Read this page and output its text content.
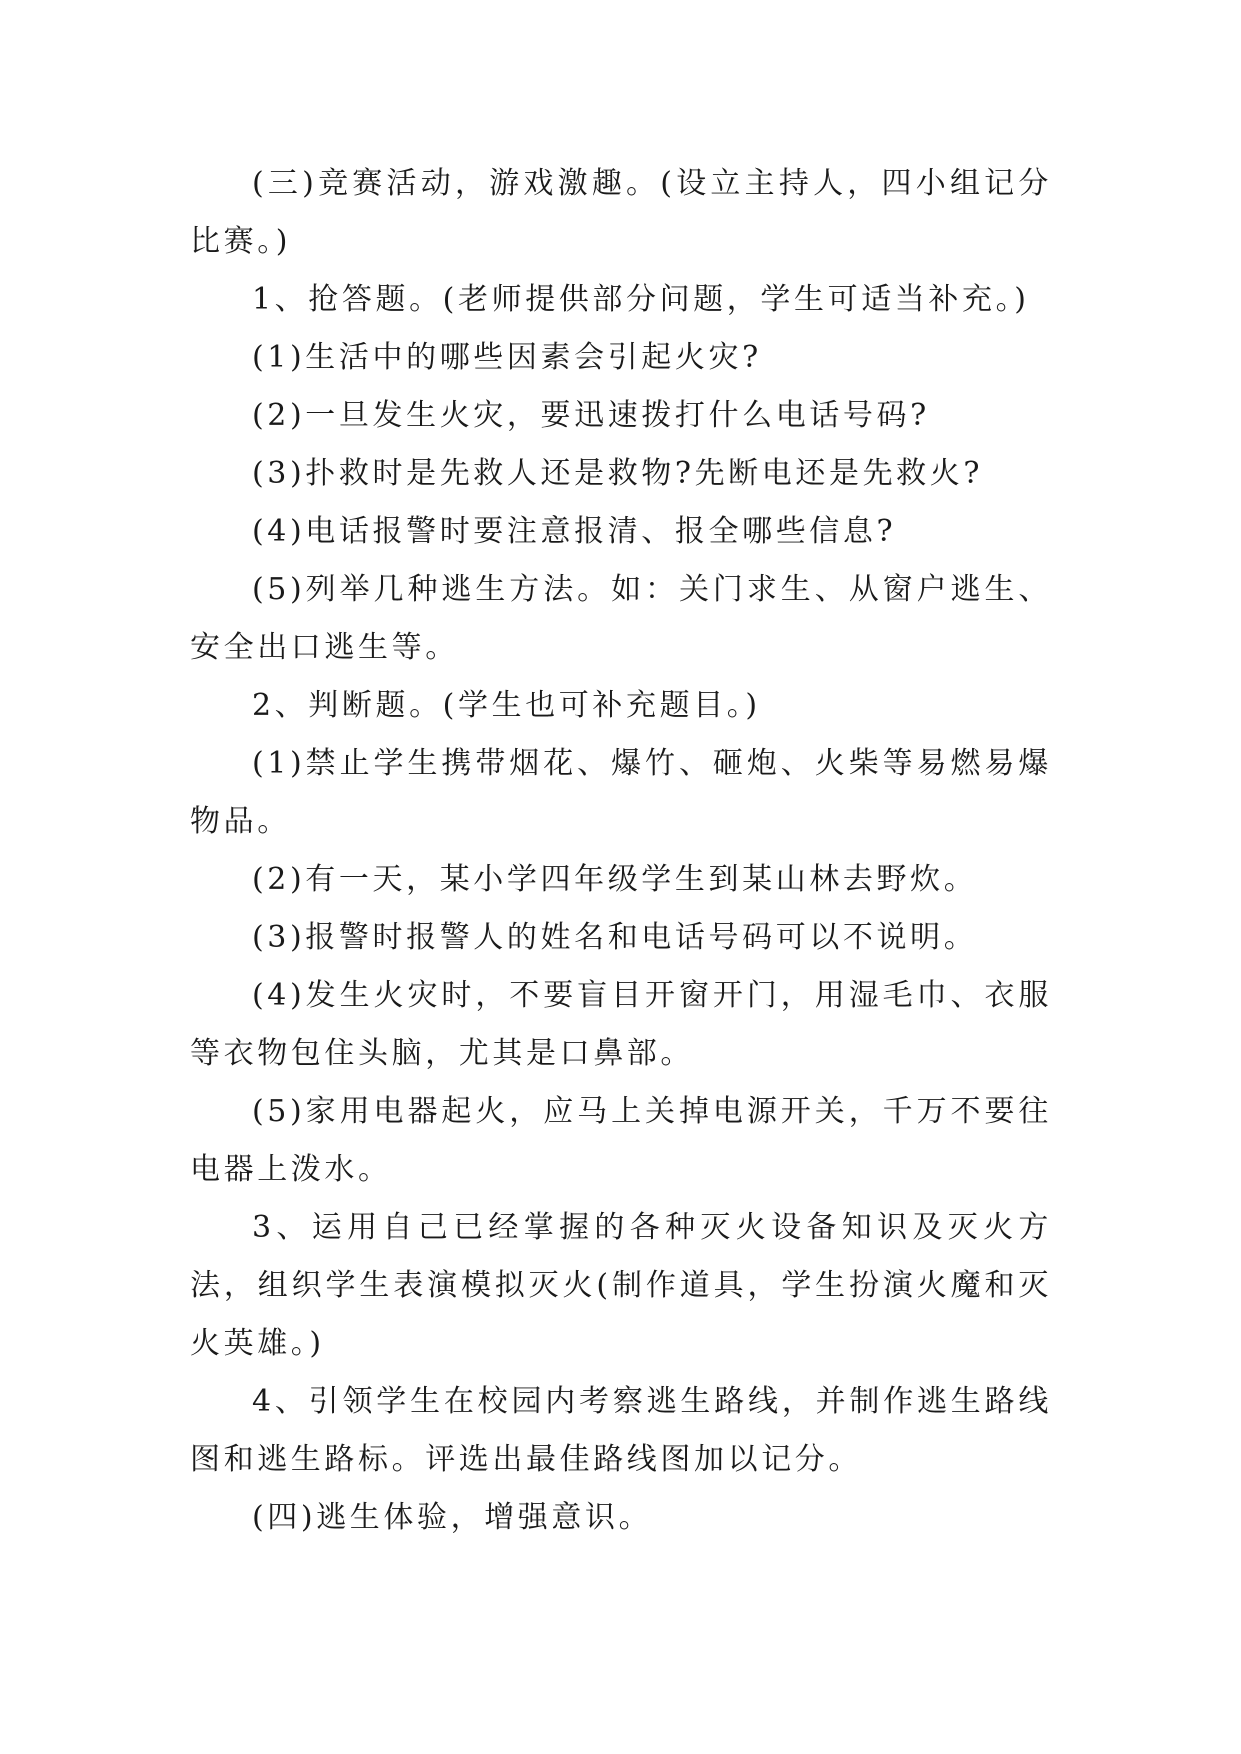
(三)竞赛活动，游戏激趣。(设立主持人，四小组记分比赛。)

1、抢答题。(老师提供部分问题，学生可适当补充。)

(1)生活中的哪些因素会引起火灾?

(2)一旦发生火灾，要迅速拨打什么电话号码?

(3)扑救时是先救人还是救物?先断电还是先救火?

(4)电话报警时要注意报清、报全哪些信息?

(5)列举几种逃生方法。如：关门求生、从窗户逃生、安全出口逃生等。

2、判断题。(学生也可补充题目。)

(1)禁止学生携带烟花、爆竹、砸炮、火柴等易燃易爆物品。

(2)有一天，某小学四年级学生到某山林去野炊。

(3)报警时报警人的姓名和电话号码可以不说明。

(4)发生火灾时，不要盲目开窗开门，用湿毛巾、衣服等衣物包住头脑，尤其是口鼻部。

(5)家用电器起火，应马上关掉电源开关，千万不要往电器上泼水。

3、运用自己已经掌握的各种灭火设备知识及灭火方法，组织学生表演模拟灭火(制作道具，学生扮演火魔和灭火英雄。)

4、引领学生在校园内考察逃生路线，并制作逃生路线图和逃生路标。评选出最佳路线图加以记分。

(四)逃生体验，增强意识。
